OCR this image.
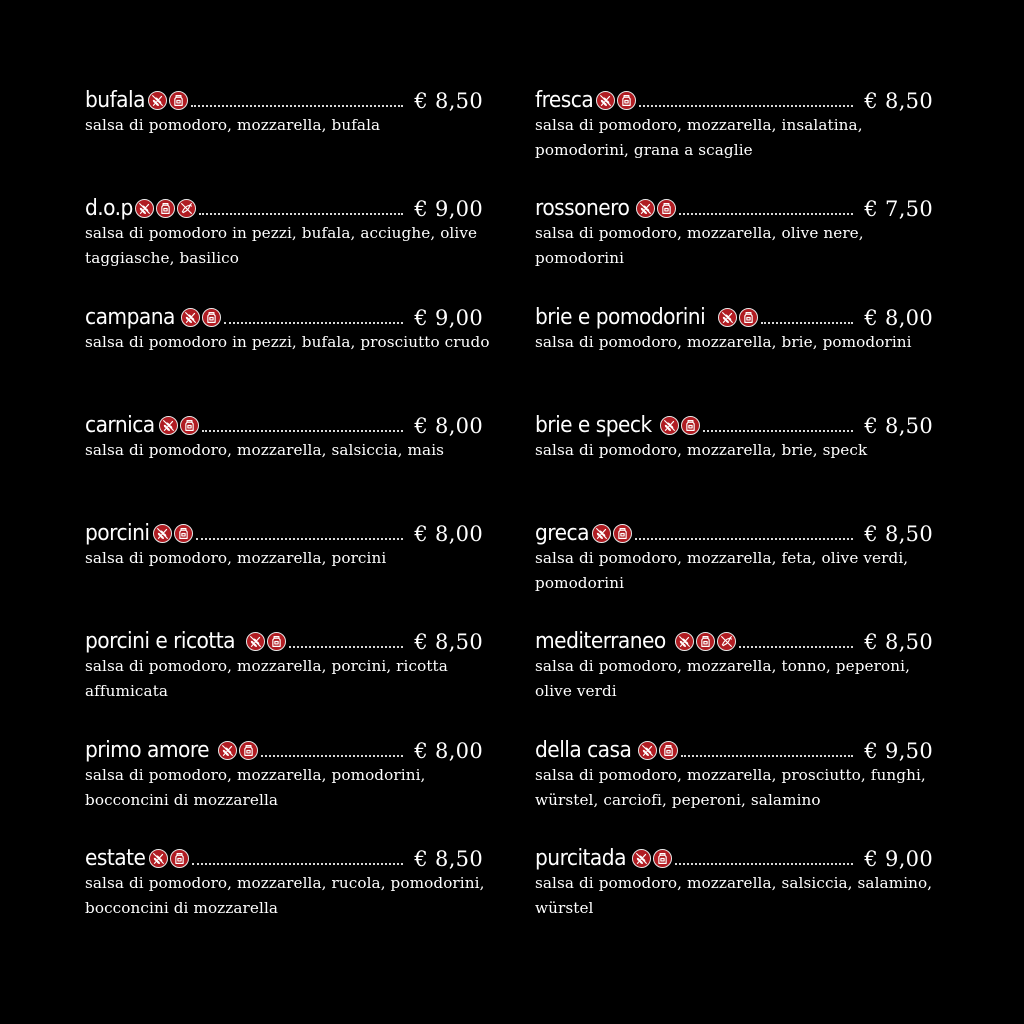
bufala	€ 8,50
salsa di pomodoro, mozzarella, bufala
d.o.p	€ 9,00
salsa di pomodoro in pezzi, bufala, acciughe, olive taggiasche, basilico
campana	€ 9,00
salsa di pomodoro in pezzi, bufala, prosciutto crudo
carnica	€ 8,00
salsa di pomodoro, mozzarella, salsiccia, mais
porcini	€ 8,00
salsa di pomodoro, mozzarella, porcini
porcini e ricotta	€ 8,50
salsa di pomodoro, mozzarella, porcini, ricotta affumicata
primo amore	€ 8,00
salsa di pomodoro, mozzarella, pomodorini, bocconcini di mozzarella
estate	€ 8,50
salsa di pomodoro, mozzarella, rucola, pomodorini, bocconcini di mozzarella
fresca	€ 8,50
salsa di pomodoro, mozzarella, insalatina, pomodorini, grana a scaglie
rossonero	€ 7,50
salsa di pomodoro, mozzarella, olive nere, pomodorini
brie e pomodorini	€ 8,00
salsa di pomodoro, mozzarella, brie, pomodorini
brie e speck	€ 8,50
salsa di pomodoro, mozzarella, brie, speck
greca	€ 8,50
salsa di pomodoro, mozzarella, feta, olive verdi, pomodorini
mediterraneo	€ 8,50
salsa di pomodoro, mozzarella, tonno, peperoni, olive verdi
della casa	€ 9,50
salsa di pomodoro, mozzarella, prosciutto, funghi, würstel, carciofi, peperoni, salamino
purcitada	€ 9,00
salsa di pomodoro, mozzarella, salsiccia, salamino, würstel
